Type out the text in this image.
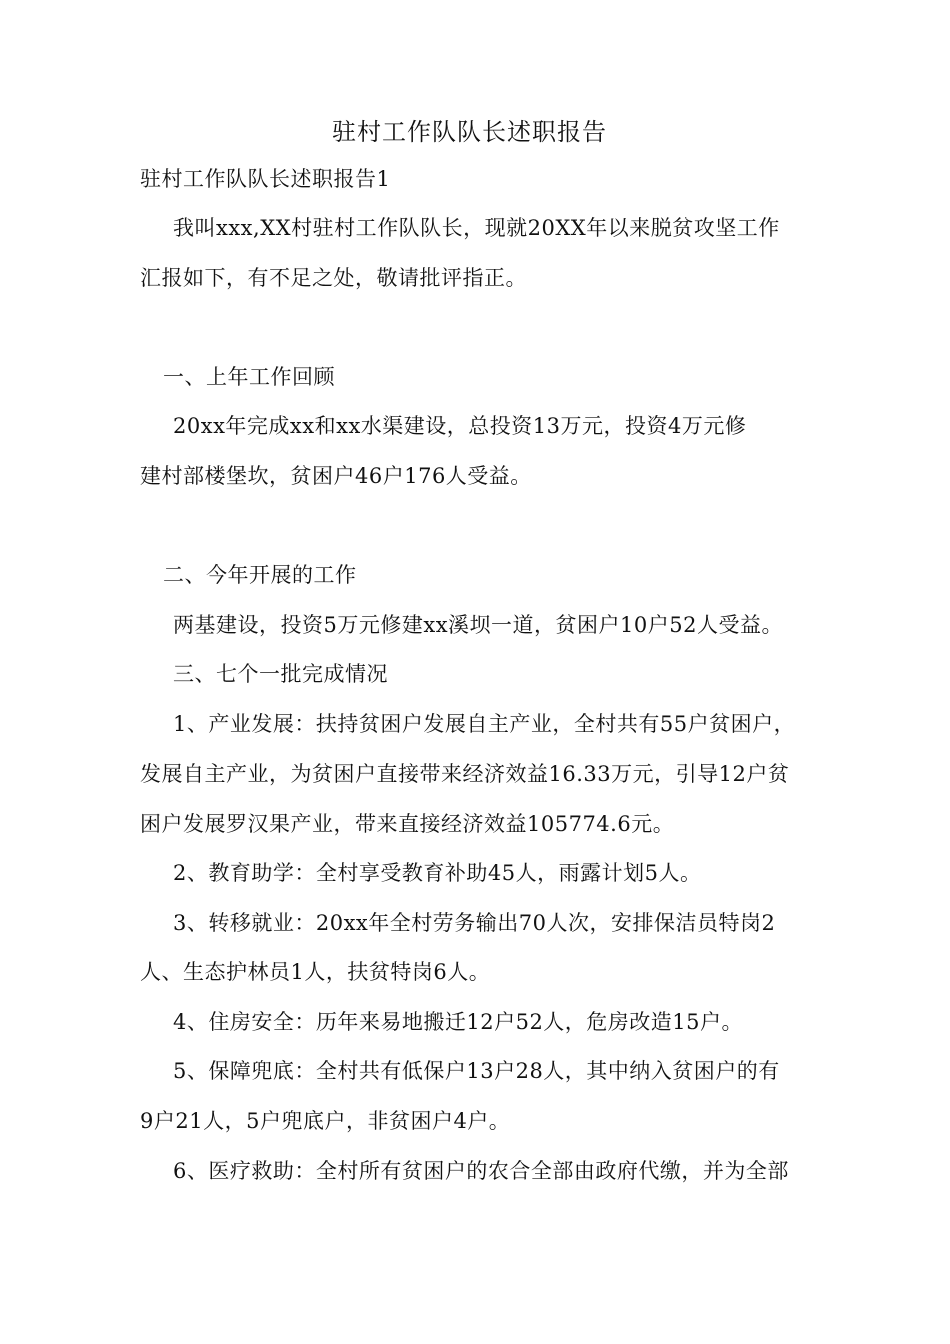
驻村工作队队长述职报告
驻村工作队队长述职报告1
我叫xxx,XX村驻村工作队队长，现就20XX年以来脱贫攻坚工作
汇报如下，有不足之处，敬请批评指正。
一、上年工作回顾
20xx年完成xx和xx水渠建设，总投资13万元，投资4万元修
建村部楼堡坎，贫困户46户176人受益。
二、今年开展的工作
两基建设，投资5万元修建xx溪坝一道，贫困户10户52人受益。
三、七个一批完成情况
1、产业发展：扶持贫困户发展自主产业，全村共有55户贫困户，
发展自主产业，为贫困户直接带来经济效益16.33万元，引导12户贫
困户发展罗汉果产业，带来直接经济效益105774.6元。
2、教育助学：全村享受教育补助45人，雨露计划5人。
3、转移就业：20xx年全村劳务输出70人次，安排保洁员特岗2
人、生态护林员1人，扶贫特岗6人。
4、住房安全：历年来易地搬迁12户52人，危房改造15户。
5、保障兜底：全村共有低保户13户28人，其中纳入贫困户的有
9户21人，5户兜底户，非贫困户4户。
6、医疗救助：全村所有贫困户的农合全部由政府代缴，并为全部
